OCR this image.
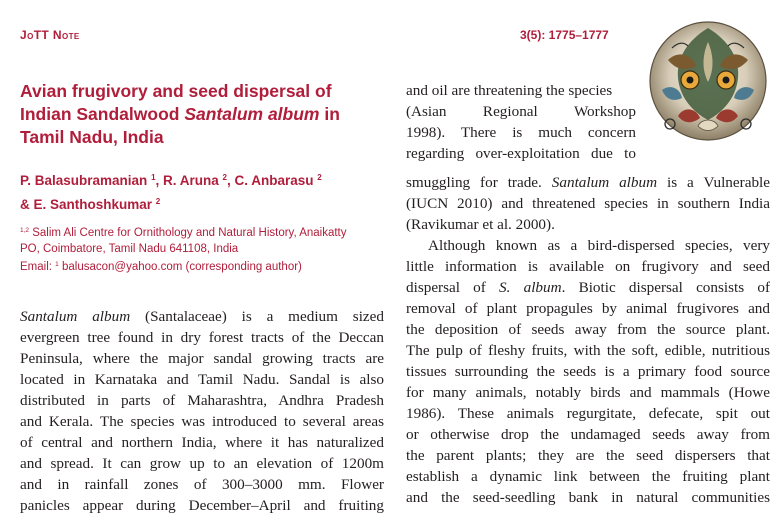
JoTT Note	3(5): 1775–1777
Avian frugivory and seed dispersal of
Indian Sandalwood Santalum album in
Tamil Nadu, India
P. Balasubramanian $^1$, R. Aruna $^2$, C. Anbarasu $^2$
& E. Santhoshkumar $^2$
$^{1,2}$ Salim Ali Centre for Ornithology and Natural History, Anaikatty
PO, Coimbatore, Tamil Nadu 641108, India
Email: $^1$ balusacon@yahoo.com (corresponding author)
Santalum album (Santalaceae) is a medium sized
evergreen tree found in dry forest tracts of the Deccan
Peninsula, where the major sandal growing tracts are
located in Karnataka and Tamil Nadu. Sandal is also
distributed in parts of Maharashtra, Andhra Pradesh
and Kerala. The species was introduced to several areas
of central and northern India, where it has naturalized
and spread. It can grow up to an elevation of 1200m
and in rainfall zones of 300–3000 mm. Flower
panicles appear during December–April and fruiting
and oil are threatening the species
(Asian Regional Workshop
1998). There is much concern
regarding over-exploitation due to
smuggling for trade. Santalum album is a Vulnerable
(IUCN 2010) and threatened species in southern India
(Ravikumar et al. 2000).
Although known as a bird-dispersed species, very
little information is available on frugivory and seed
dispersal of S. album. Biotic dispersal consists of
removal of plant propagules by animal frugivores and
the deposition of seeds away from the source plant.
The pulp of fleshy fruits, with the soft, edible, nutritious
tissues surrounding the seeds is a primary food source
for many animals, notably birds and mammals (Howe
1986). These animals regurgitate, defecate, spit out
or otherwise drop the undamaged seeds away from
the parent plants; they are the seed dispersers that
establish a dynamic link between the fruiting plant
and the seed-seedling bank in natural communities
